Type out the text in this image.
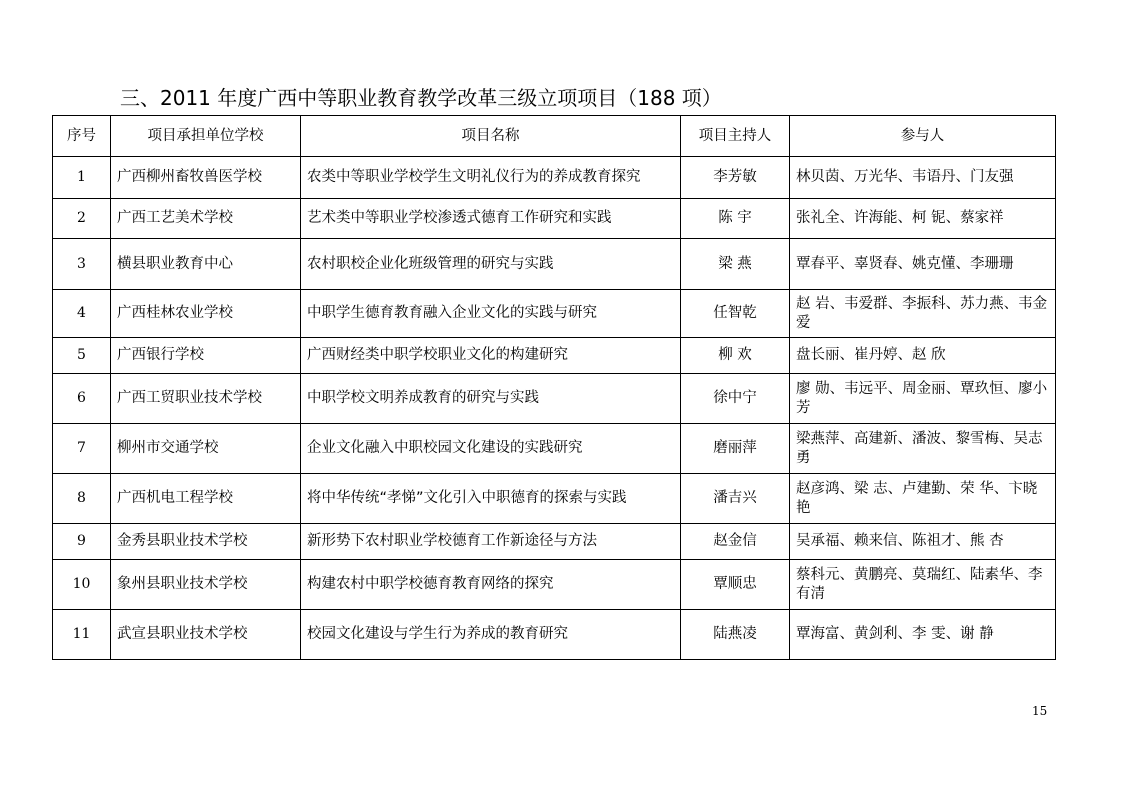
三、2011 年度广西中等职业教育教学改革三级立项项目（188 项）
序号	项目承担单位学校	项目名称	项目主持人	参与人
1	广西柳州畜牧兽医学校	农类中等职业学校学生文明礼仪行为的养成教育探究	李芳敏	林贝茵、万光华、韦语丹、门友强
2	广西工艺美术学校	艺术类中等职业学校渗透式德育工作研究和实践	陈 宇	张礼全、许海能、柯 铌、蔡家祥
3	横县职业教育中心	农村职校企业化班级管理的研究与实践	梁 燕	覃春平、辜贤春、姚克懂、李珊珊
4	广西桂林农业学校	中职学生德育教育融入企业文化的实践与研究	任智乾	赵 岩、韦爱群、李振科、苏力燕、韦金爱
5	广西银行学校	广西财经类中职学校职业文化的构建研究	柳 欢	盘长丽、崔丹婷、赵 欣
6	广西工贸职业技术学校	中职学校文明养成教育的研究与实践	徐中宁	廖 勋、韦远平、周金丽、覃玖恒、廖小芳
7	柳州市交通学校	企业文化融入中职校园文化建设的实践研究	磨丽萍	梁燕萍、高建新、潘波、黎雪梅、吴志勇
8	广西机电工程学校	将中华传统“孝悌”文化引入中职德育的探索与实践	潘吉兴	赵彦鸿、梁 志、卢建勤、荣 华、卞晓艳
9	金秀县职业技术学校	新形势下农村职业学校德育工作新途径与方法	赵金信	吴承福、赖来信、陈祖才、熊 杏
10	象州县职业技术学校	构建农村中职学校德育教育网络的探究	覃顺忠	蔡科元、黄鹏亮、莫瑞红、陆素华、李有清
11	武宣县职业技术学校	校园文化建设与学生行为养成的教育研究	陆燕凌	覃海富、黄剑利、李 雯、谢 静
15
